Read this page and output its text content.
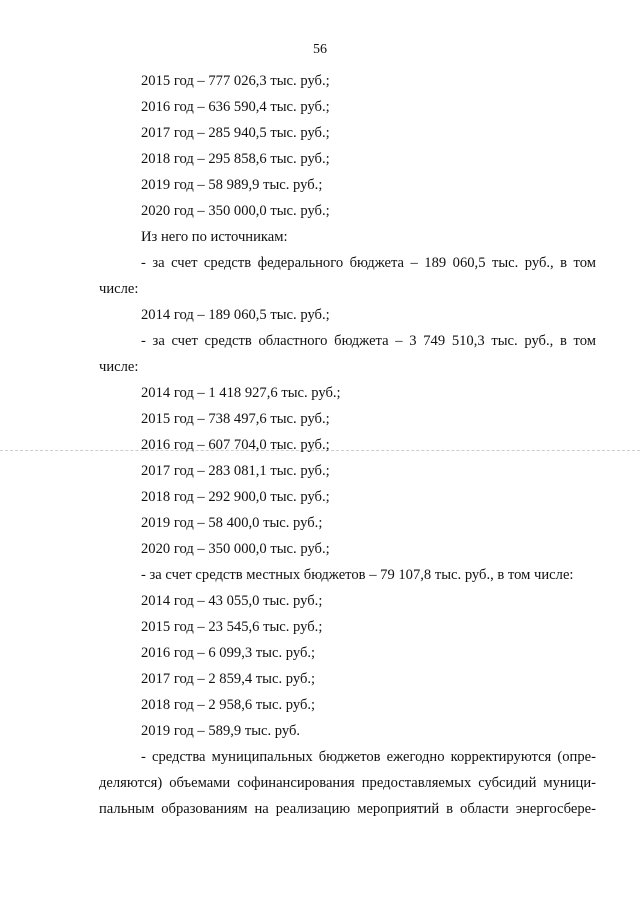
56
2015 год – 777 026,3 тыс. руб.;
2016 год – 636 590,4 тыс. руб.;
2017 год – 285 940,5 тыс. руб.;
2018 год – 295 858,6 тыс. руб.;
2019 год – 58 989,9 тыс. руб.;
2020 год – 350 000,0 тыс. руб.;
Из него по источникам:
- за счет средств федерального бюджета – 189 060,5 тыс. руб., в том
числе:
2014 год – 189 060,5 тыс. руб.;
- за счет средств областного бюджета – 3 749 510,3 тыс. руб., в том
числе:
2014 год – 1 418 927,6 тыс. руб.;
2015 год – 738 497,6 тыс. руб.;
2016 год – 607 704,0 тыс. руб.;
2017 год – 283 081,1 тыс. руб.;
2018 год – 292 900,0 тыс. руб.;
2019 год – 58 400,0 тыс. руб.;
2020 год – 350 000,0 тыс. руб.;
- за счет средств местных бюджетов – 79 107,8 тыс. руб., в том числе:
2014 год – 43 055,0 тыс. руб.;
2015 год – 23 545,6 тыс. руб.;
2016 год – 6 099,3 тыс. руб.;
2017 год – 2 859,4 тыс. руб.;
2018 год – 2 958,6 тыс. руб.;
2019 год – 589,9 тыс. руб.
- средства муниципальных бюджетов ежегодно корректируются (опре-
деляются) объемами софинансирования предоставляемых субсидий муници-
пальным образованиям на реализацию мероприятий в области энергосбере-
